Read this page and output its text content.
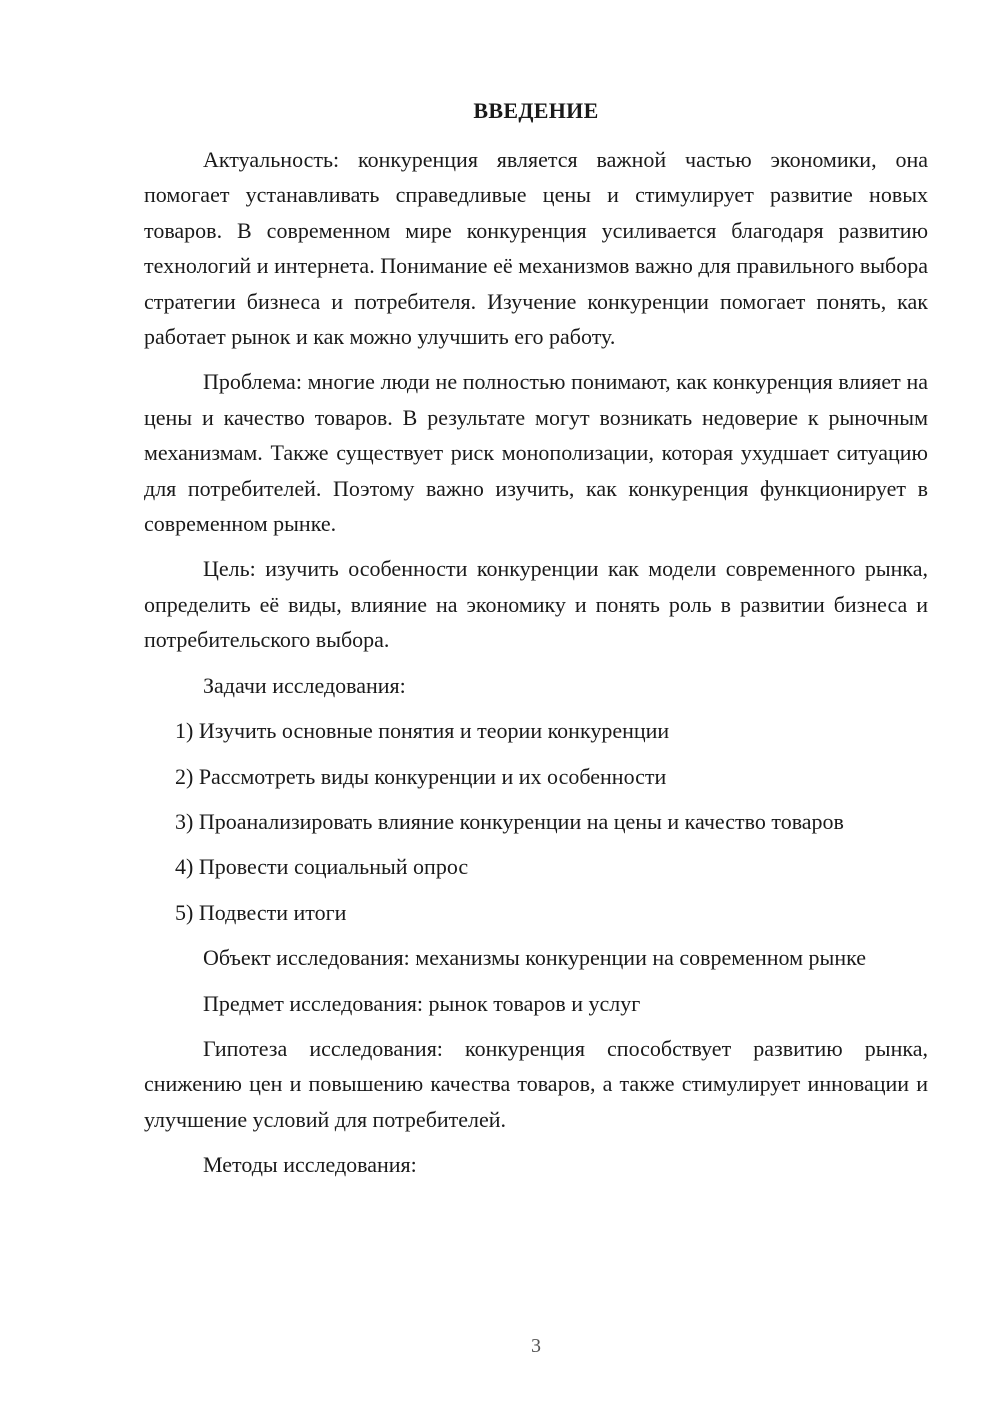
ВВЕДЕНИЕ

Актуальность: конкуренция является важной частью экономики, она помогает устанавливать справедливые цены и стимулирует развитие новых товаров. В современном мире конкуренция усиливается благодаря развитию технологий и интернета. Понимание её механизмов важно для правильного выбора стратегии бизнеса и потребителя. Изучение конкуренции помогает понять, как работает рынок и как можно улучшить его работу.

Проблема: многие люди не полностью понимают, как конкуренция влияет на цены и качество товаров. В результате могут возникать недоверие к рыночным механизмам. Также существует риск монополизации, которая ухудшает ситуацию для потребителей. Поэтому важно изучить, как конкуренция функционирует в современном рынке.

Цель: изучить особенности конкуренции как модели современного рынка, определить её виды, влияние на экономику и понять роль в развитии бизнеса и потребительского выбора.

Задачи исследования:

1) Изучить основные понятия и теории конкуренции

2) Рассмотреть виды конкуренции и их особенности

3) Проанализировать влияние конкуренции на цены и качество товаров

4) Провести социальный опрос

5) Подвести итоги

Объект исследования: механизмы конкуренции на современном рынке

Предмет исследования: рынок товаров и услуг

Гипотеза исследования: конкуренция способствует развитию рынка, снижению цен и повышению качества товаров, а также стимулирует инновации и улучшение условий для потребителей.

Методы исследования:

3
